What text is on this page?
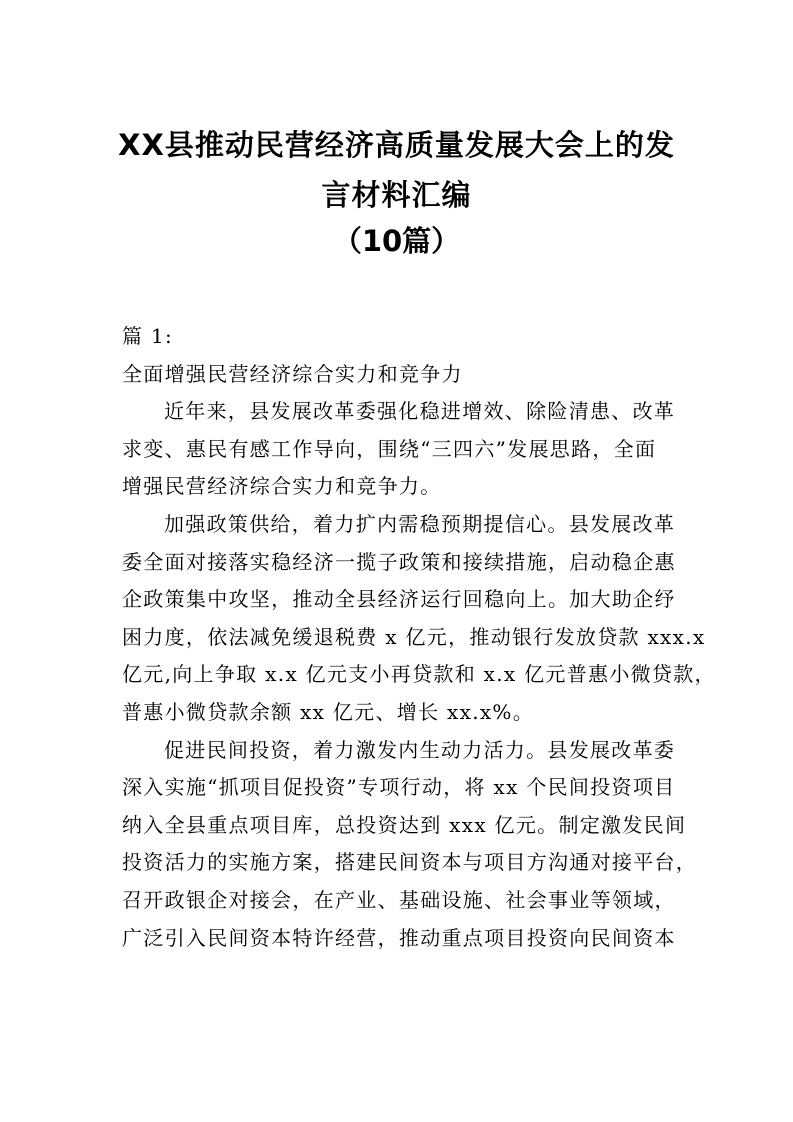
XX县推动民营经济高质量发展大会上的发
言材料汇编
（10篇）
篇 1:
全面增强民营经济综合实力和竞争力

近年来，县发展改革委强化稳进增效、除险清患、改革
求变、惠民有感工作导向，围绕“三四六”发展思路，全面
增强民营经济综合实力和竞争力。

加强政策供给，着力扩内需稳预期提信心。县发展改革
委全面对接落实稳经济一揽子政策和接续措施，启动稳企惠
企政策集中攻坚，推动全县经济运行回稳向上。加大助企纾
困力度，依法减免缓退税费 x 亿元，推动银行发放贷款 xxx.x
亿元,向上争取 x.x 亿元支小再贷款和 x.x 亿元普惠小微贷款，
普惠小微贷款余额 xx 亿元、增长 xx.x%。

促进民间投资，着力激发内生动力活力。县发展改革委
深入实施“抓项目促投资”专项行动，将 xx 个民间投资项目
纳入全县重点项目库，总投资达到 xxx 亿元。制定激发民间
投资活力的实施方案，搭建民间资本与项目方沟通对接平台，
召开政银企对接会，在产业、基础设施、社会事业等领域，
广泛引入民间资本特许经营，推动重点项目投资向民间资本
